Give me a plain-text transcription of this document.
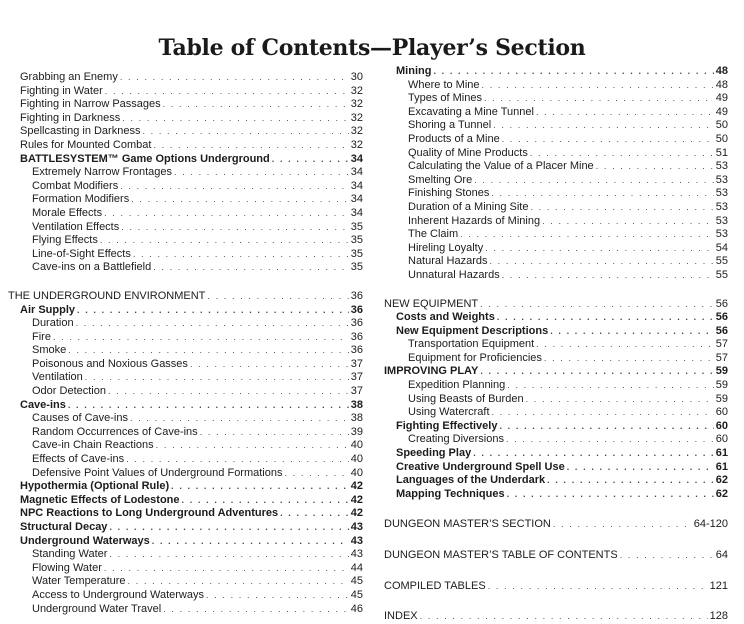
Table of Contents—Player’s Section
Grabbing an Enemy . . .	30
Fighting in Water . . .	32
Fighting in Narrow Passages . . .	32
Fighting in Darkness . . .	32
Spellcasting in Darkness . . .	32
Rules for Mounted Combat . . .	32
BATTLESYSTEM™ Game Options Underground . . .	34
Extremely Narrow Frontages . . .	34
Combat Modifiers . . .	34
Formation Modifiers . . .	34
Morale Effects . . .	34
Ventilation Effects . . .	35
Flying Effects . . .	35
Line-of-Sight Effects . . .	35
Cave-ins on a Battlefield . . .	35
THE UNDERGROUND ENVIRONMENT . . .	36
Air Supply . . .	36
Duration . . .	36
Fire . . .	36
Smoke . . .	36
Poisonous and Noxious Gasses . . .	37
Ventilation . . .	37
Odor Detection . . .	37
Cave-ins . . .	38
Causes of Cave-ins . . .	38
Random Occurrences of Cave-ins . . .	39
Cave-in Chain Reactions . . .	40
Effects of Cave-ins . . .	40
Defensive Point Values of Underground Formations . . .	40
Hypothermia (Optional Rule) . . .	42
Magnetic Effects of Lodestone . . .	42
NPC Reactions to Long Underground Adventures . . .	42
Structural Decay . . .	43
Underground Waterways . . .	43
Standing Water . . .	43
Flowing Water . . .	44
Water Temperature . . .	45
Access to Underground Waterways . . .	45
Underground Water Travel . . .	46
Mining . . .	48
Where to Mine . . .	48
Types of Mines . . .	49
Excavating a Mine Tunnel . . .	49
Shoring a Tunnel . . .	50
Products of a Mine . . .	50
Quality of Mine Products . . .	51
Calculating the Value of a Placer Mine . . .	53
Smelting Ore . . .	53
Finishing Stones . . .	53
Duration of a Mining Site . . .	53
Inherent Hazards of Mining . . .	53
The Claim . . .	53
Hireling Loyalty . . .	54
Natural Hazards . . .	55
Unnatural Hazards . . .	55
NEW EQUIPMENT . . .	56
Costs and Weights . . .	56
New Equipment Descriptions . . .	56
Transportation Equipment . . .	57
Equipment for Proficiencies . . .	57
IMPROVING PLAY . . .	59
Expedition Planning . . .	59
Using Beasts of Burden . . .	59
Using Watercraft . . .	60
Fighting Effectively . . .	60
Creating Diversions . . .	60
Speeding Play . . .	61
Creative Underground Spell Use . . .	61
Languages of the Underdark . . .	62
Mapping Techniques . . .	62
DUNGEON MASTER’S SECTION . . .	64-120
DUNGEON MASTER’S TABLE OF CONTENTS . . .	64
COMPILED TABLES . . .	121
INDEX . . .	128
